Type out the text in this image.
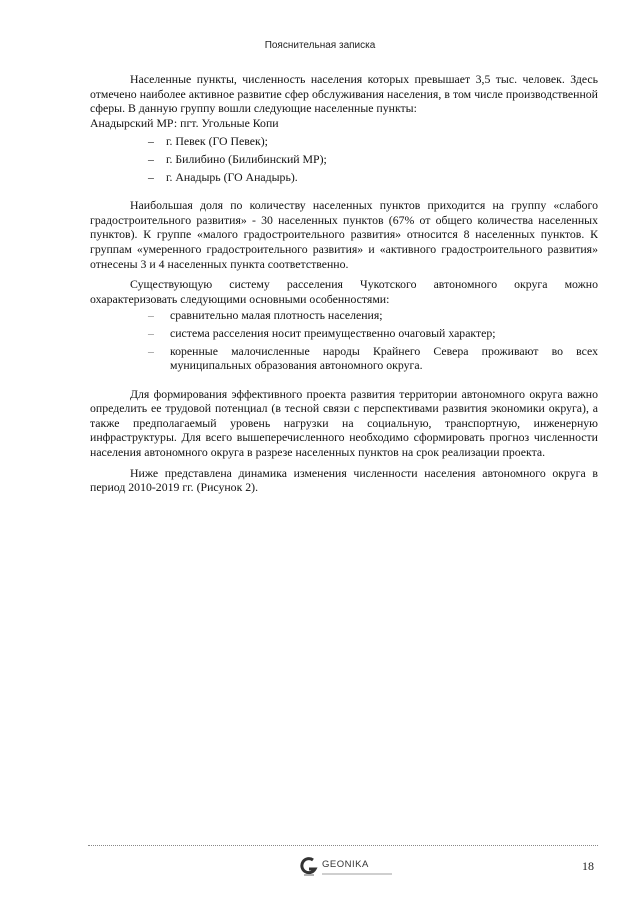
Пояснительная записка

Населенные пункты, численность населения которых превышает 3,5 тыс. человек. Здесь отмечено наиболее активное развитие сфер обслуживания населения, в том числе производственной сферы. В данную группу вошли следующие населенные пункты:

Анадырский МР: пгт. Угольные Копи

– г. Певек (ГО Певек);
– г. Билибино (Билибинский МР);
– г. Анадырь (ГО Анадырь).

Наибольшая доля по количеству населенных пунктов приходится на группу «слабого градостроительного развития» - 30 населенных пунктов (67% от общего количества населенных пунктов). К группе «малого градостроительного развития» относится 8 населенных пунктов. К группам «умеренного градостроительного развития» и «активного градостроительного развития» отнесены 3 и 4 населенных пункта соответственно.

Существующую систему расселения Чукотского автономного округа можно охарактеризовать следующими основными особенностями:

– сравнительно малая плотность населения;
– система расселения носит преимущественно очаговый характер;
– коренные малочисленные народы Крайнего Севера проживают во всех муниципальных образования автономного округа.

Для формирования эффективного проекта развития территории автономного округа важно определить ее трудовой потенциал (в тесной связи с перспективами развития экономики округа), а также предполагаемый уровень нагрузки на социальную, транспортную, инженерную инфраструктуры. Для всего вышеперечисленного необходимо сформировать прогноз численности населения автономного округа в разрезе населенных пунктов на срок реализации проекта.

Ниже представлена динамика изменения численности населения автономного округа в период 2010-2019 гг. (Рисунок 2).

GEONIKA	18
